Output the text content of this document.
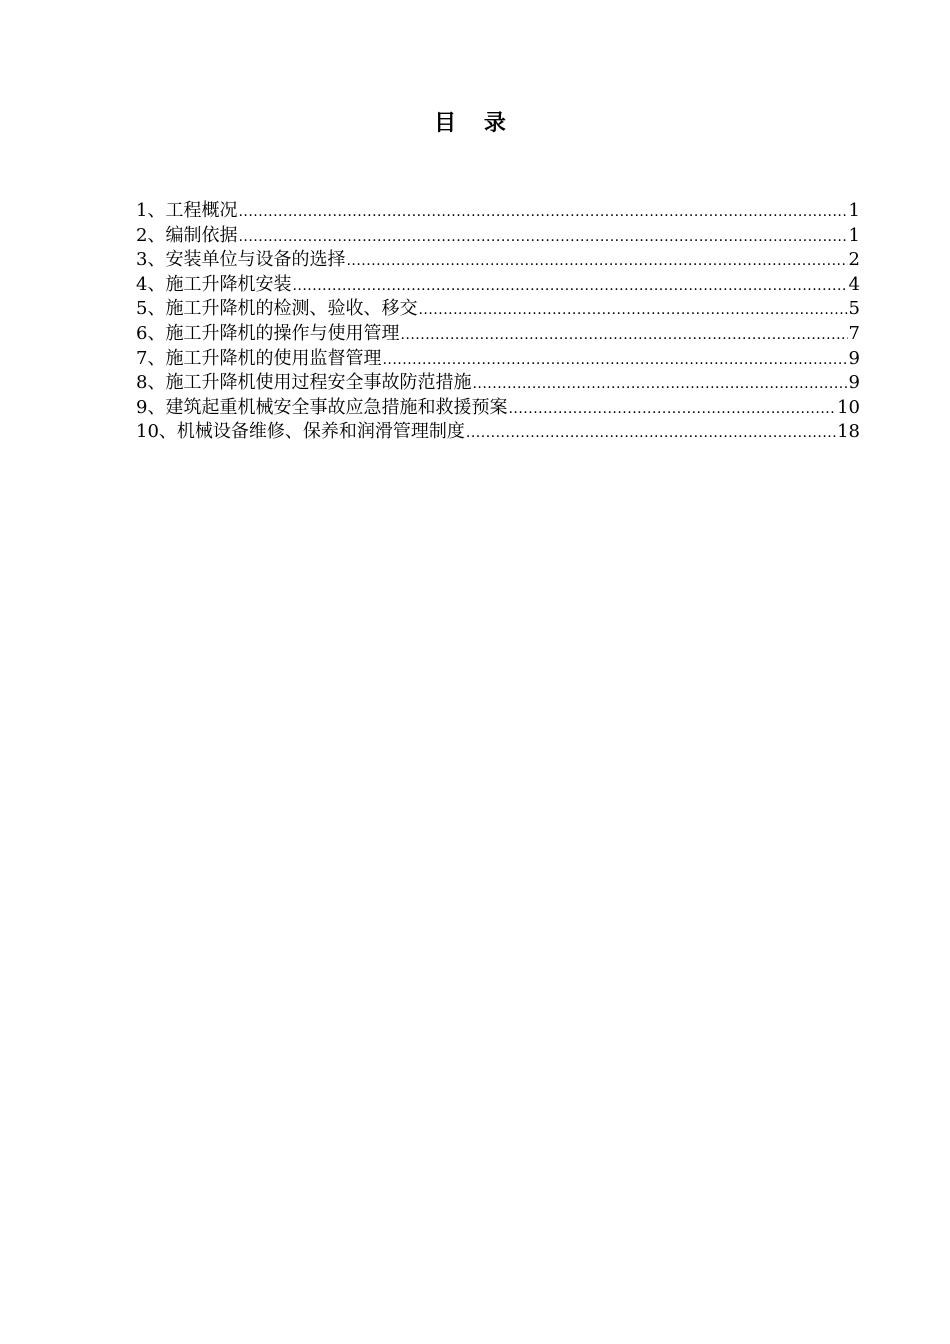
目 录
1、工程概况 .....	1
2、编制依据 .....	1
3、安装单位与设备的选择 .....	2
4、施工升降机安装 .....	4
5、施工升降机的检测、验收、移交 .....	5
6、施工升降机的操作与使用管理 .....	7
7、施工升降机的使用监督管理 .....	9
8、施工升降机使用过程安全事故防范措施 .....	9
9、建筑起重机械安全事故应急措施和救援预案 .....	10
10、机械设备维修、保养和润滑管理制度 .....	18
